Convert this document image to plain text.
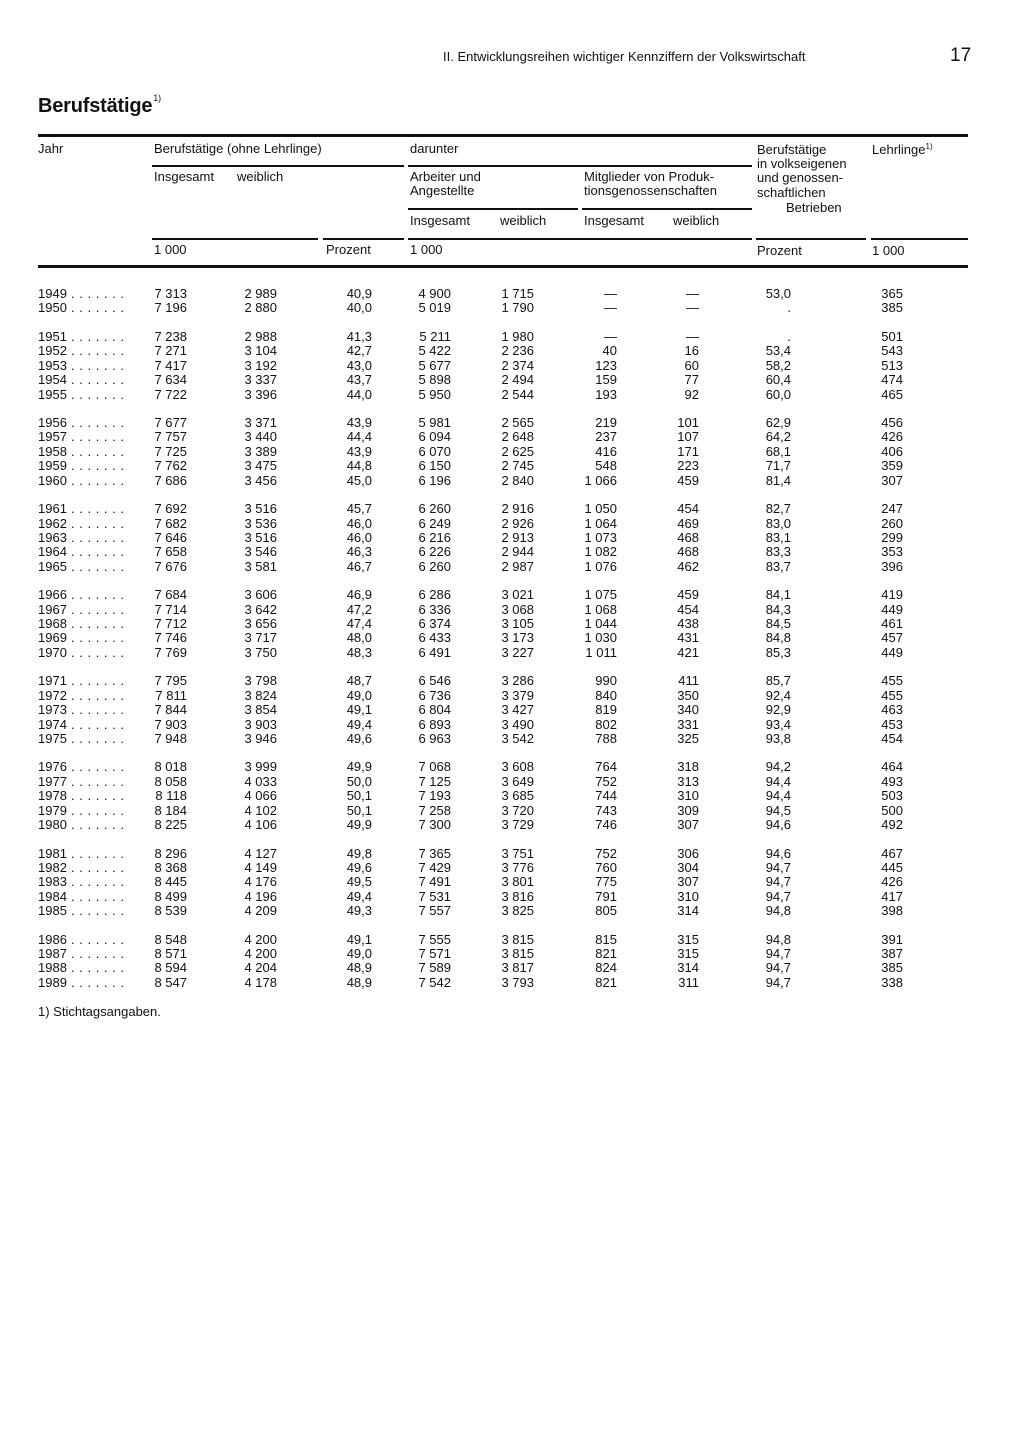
II. Entwicklungsreihen wichtiger Kennziffern der Volkswirtschaft	17
Berufstätige$^{1)}$
Jahr	Berufstätige (ohne Lehrlinge)	darunter	Berufstätige
in volkseigenen
und genossen-
schaftlichen
Betrieben
Lehrlinge$^{1)}$
Insgesamt weiblich	Arbeiter und
Angestellte
Mitglieder von Produk-
tionsgenossenschaften
Insgesamt weiblich	Insgesamt weiblich
1 000	Prozent	1 000	Prozent	1 000
1949 . . .	7 313	2 989	40,9	4 900	1 715	—	—	53,0	365
1950 . . .	7 196	2 880	40,0	5 019	1 790	—	—	.	385
1951 . . .	7 238	2 988	41,3	5 211	1 980	—	—	.	501
1952 . . .	7 271	3 104	42,7	5 422	2 236	40	16	53,4	543
1953 . . .	7 417	3 192	43,0	5 677	2 374	123	60	58,2	513
1954 . . .	7 634	3 337	43,7	5 898	2 494	159	77	60,4	474
1955 . . .	7 722	3 396	44,0	5 950	2 544	193	92	60,0	465
1956 . . .	7 677	3 371	43,9	5 981	2 565	219	101	62,9	456
1957 . . .	7 757	3 440	44,4	6 094	2 648	237	107	64,2	426
1958 . . .	7 725	3 389	43,9	6 070	2 625	416	171	68,1	406
1959 . . .	7 762	3 475	44,8	6 150	2 745	548	223	71,7	359
1960 . . .	7 686	3 456	45,0	6 196	2 840	1 066	459	81,4	307
1961 . . .	7 692	3 516	45,7	6 260	2 916	1 050	454	82,7	247
1962 . . .	7 682	3 536	46,0	6 249	2 926	1 064	469	83,0	260
1963 . . .	7 646	3 516	46,0	6 216	2 913	1 073	468	83,1	299
1964 . . .	7 658	3 546	46,3	6 226	2 944	1 082	468	83,3	353
1965 . . .	7 676	3 581	46,7	6 260	2 987	1 076	462	83,7	396
1966 . . .	7 684	3 606	46,9	6 286	3 021	1 075	459	84,1	419
1967 . . .	7 714	3 642	47,2	6 336	3 068	1 068	454	84,3	449
1968 . . .	7 712	3 656	47,4	6 374	3 105	1 044	438	84,5	461
1969 . . .	7 746	3 717	48,0	6 433	3 173	1 030	431	84,8	457
1970 . . .	7 769	3 750	48,3	6 491	3 227	1 011	421	85,3	449
1971 . . .	7 795	3 798	48,7	6 546	3 286	990	411	85,7	455
1972 . . .	7 811	3 824	49,0	6 736	3 379	840	350	92,4	455
1973 . . .	7 844	3 854	49,1	6 804	3 427	819	340	92,9	463
1974 . . .	7 903	3 903	49,4	6 893	3 490	802	331	93,4	453
1975 . . .	7 948	3 946	49,6	6 963	3 542	788	325	93,8	454
1976 . . .	8 018	3 999	49,9	7 068	3 608	764	318	94,2	464
1977 . . .	8 058	4 033	50,0	7 125	3 649	752	313	94,4	493
1978 . . .	8 118	4 066	50,1	7 193	3 685	744	310	94,4	503
1979 . . .	8 184	4 102	50,1	7 258	3 720	743	309	94,5	500
1980 . . .	8 225	4 106	49,9	7 300	3 729	746	307	94,6	492
1981 . . .	8 296	4 127	49,8	7 365	3 751	752	306	94,6	467
1982 . . .	8 368	4 149	49,6	7 429	3 776	760	304	94,7	445
1983 . . .	8 445	4 176	49,5	7 491	3 801	775	307	94,7	426
1984 . . .	8 499	4 196	49,4	7 531	3 816	791	310	94,7	417
1985 . . .	8 539	4 209	49,3	7 557	3 825	805	314	94,8	398
1986 . . .	8 548	4 200	49,1	7 555	3 815	815	315	94,8	391
1987 . . .	8 571	4 200	49,0	7 571	3 815	821	315	94,7	387
1988 . . .	8 594	4 204	48,9	7 589	3 817	824	314	94,7	385
1989 . . .	8 547	4 178	48,9	7 542	3 793	821	311	94,7	338
1) Stichtagsangaben.
